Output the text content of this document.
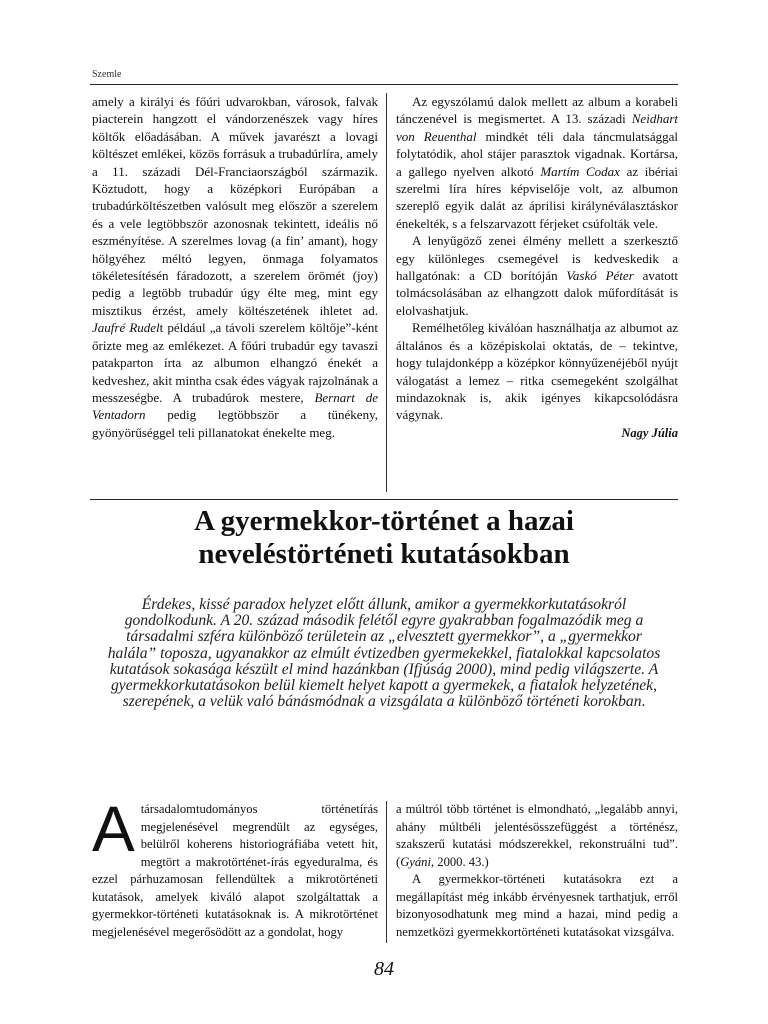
Szemle

amely a királyi és főúri udvarokban, városok, falvak piacterein hangzott el vándorzenészek vagy híres költők előadásában. A művek javarészt a lovagi költészet emlékei, közös forrásuk a trubadúrlíra, amely a 11. századi Dél-Franciaországból származik. Köztudott, hogy a középkori Európában a trubadúrköltészetben valósult meg először a szerelem és a vele legtöbbször azonosnak tekintett, ideális nő eszményítése. A szerelmes lovag (a fin’ amant), hogy hölgyéhez méltó legyen, önmaga folyamatos tökéletesítésén fáradozott, a szerelem örömét (joy) pedig a legtöbb trubadúr úgy élte meg, mint egy misztikus érzést, amely költészetének ihletet ad. Jaufré Rudelt például „a távoli szerelem költője”-ként őrizte meg az emlékezet. A főúri trubadúr egy tavaszi patakparton írta az albumon elhangzó énekét a kedveshez, akit mintha csak édes vágyak rajzolnának a messzeségbe. A trubadúrok mestere, Bernart de Ventadorn pedig legtöbbször a tünékeny, gyönyörűséggel teli pillanatokat énekelte meg.

Az egyszólamú dalok mellett az album a korabeli tánczenével is megismertet. A 13. századi Neidhart von Reuenthal mindkét téli dala táncmulatsággal folytatódik, ahol stájer parasztok vigadnak. Kortársa, a gallego nyelven alkotó Martím Codax az ibériai szerelmi líra híres képviselője volt, az albumon szereplő egyik dalát az áprilisi királynéválasztáskor énekelték, s a felszarvazott férjeket csúfolták vele.

A lenyűgöző zenei élmény mellett a szerkesztő egy különleges csemegével is kedveskedik a hallgatónak: a CD borítóján Vaskó Péter avatott tolmácsolásában az elhangzott dalok műfordítását is elolvashatjuk.

Remélhetőleg kiválóan használhatja az albumot az általános és a középiskolai oktatás, de – tekintve, hogy tulajdonképp a középkor könnyűzenéjéből nyújt válogatást a lemez – ritka csemegeként szolgálhat mindazoknak is, akik igényes kikapcsolódásra vágynak.

Nagy Júlia
A gyermekkor-történet a hazai
neveléstörténeti kutatásokban

Érdekes, kissé paradox helyzet előtt állunk, amikor a gyermekkorkutatásokról gondolkodunk. A 20. század második felétől egyre gyakrabban fogalmazódik meg a társadalmi szféra különböző területein az „elvesztett gyermekkor”, a „gyermekkor halála” toposza, ugyanakkor az elmúlt évtizedben gyermekekkel, fiatalokkal kapcsolatos kutatások sokasága készült el mind hazánkban (Ifjúság 2000), mind pedig világszerte. A gyermekkorkutatásokon belül kiemelt helyet kapott a gyermekek, a fiatalok helyzetének, szerepének, a velük való bánásmódnak a vizsgálata a különböző történeti korokban.

A társadalomtudományos történetírás megjelenésével megrendült az egységes, belülről koherens historiográfiába vetett hit, megtört a makrotörténet-írás egyeduralma, és ezzel párhuzamosan fellendültek a mikrotörténeti kutatások, amelyek kiváló alapot szolgáltattak a gyermekkor-történeti kutatásoknak is. A mikrotörténet megjelenésével megerősödött az a gondolat, hogy

a múltról több történet is elmondható, „legalább annyi, ahány múltbéli jelentésösszefüggést a történész, szakszerű kutatási módszerekkel, rekonstruálni tud”. (Gyáni, 2000. 43.)

A gyermekkor-történeti kutatásokra ezt a megállapítást még inkább érvényesnek tarthatjuk, erről bizonyosodhatunk meg mind a hazai, mind pedig a nemzetközi gyermekkortörténeti kutatásokat vizsgálva.

84
